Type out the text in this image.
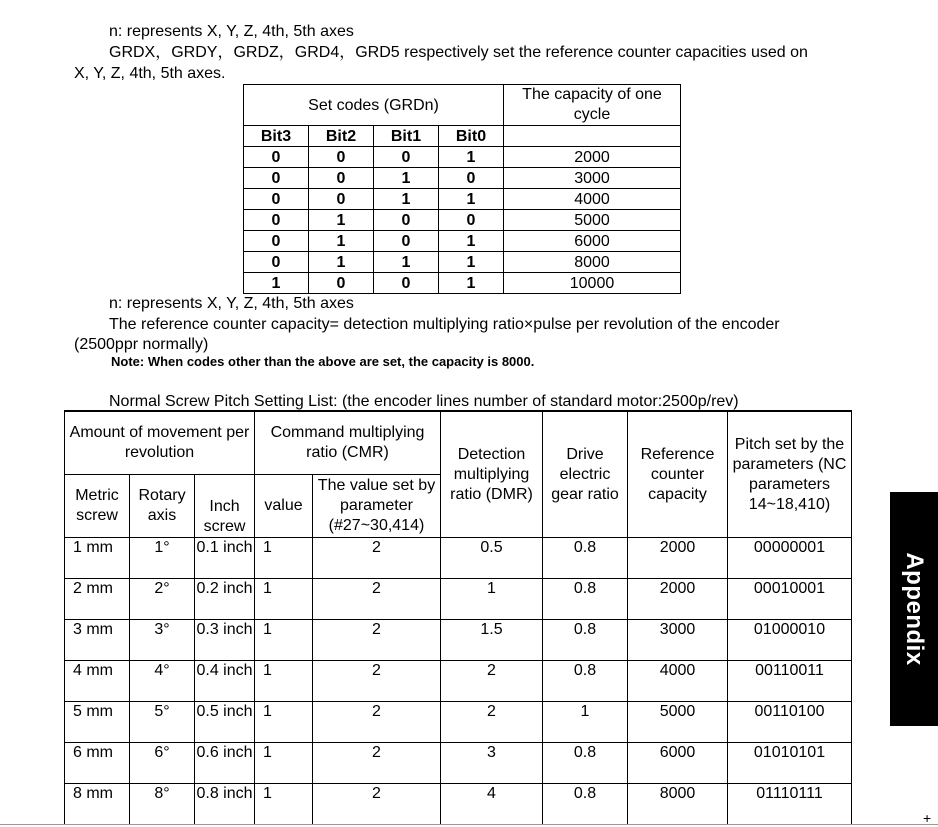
n: represents X, Y, Z, 4th, 5th axes
GRDX，GRDY，GRDZ，GRD4，GRD5 respectively set the reference counter capacities used on
X, Y, Z, 4th, 5th axes.
Set codes (GRDn)				The capacity of one cycle
Bit3	Bit2	Bit1	Bit0	
0	0	0	1	2000
0	0	1	0	3000
0	0	1	1	4000
0	1	0	0	5000
0	1	0	1	6000
0	1	1	1	8000
1	0	0	1	10000
n: represents X, Y, Z, 4th, 5th axes
The reference counter capacity= detection multiplying ratio×pulse per revolution of the encoder
(2500ppr normally)
Note: When codes other than the above are set, the capacity is 8000.
Normal Screw Pitch Setting List: (the encoder lines number of standard motor:2500p/rev)
Amount of movement per revolution			Command multiplying ratio (CMR)		Detection multiplying ratio (DMR)	Drive electric gear ratio	Reference counter capacity	Pitch set by the parameters (NC parameters 14~18,410)
Metric screw	Rotary axis	Inch screw	value	The value set by parameter (#27~30,414)				
1 mm	1°	0.1 inch	1	2	0.5	0.8	2000	00000001
2 mm	2°	0.2 inch	1	2	1	0.8	2000	00010001
3 mm	3°	0.3 inch	1	2	1.5	0.8	3000	01000010
4 mm	4°	0.4 inch	1	2	2	0.8	4000	00110011
5 mm	5°	0.5 inch	1	2	2	1	5000	00110100
6 mm	6°	0.6 inch	1	2	3	0.8	6000	01010101
8 mm	8°	0.8 inch	1	2	4	0.8	8000	01110111
Appendix
+
